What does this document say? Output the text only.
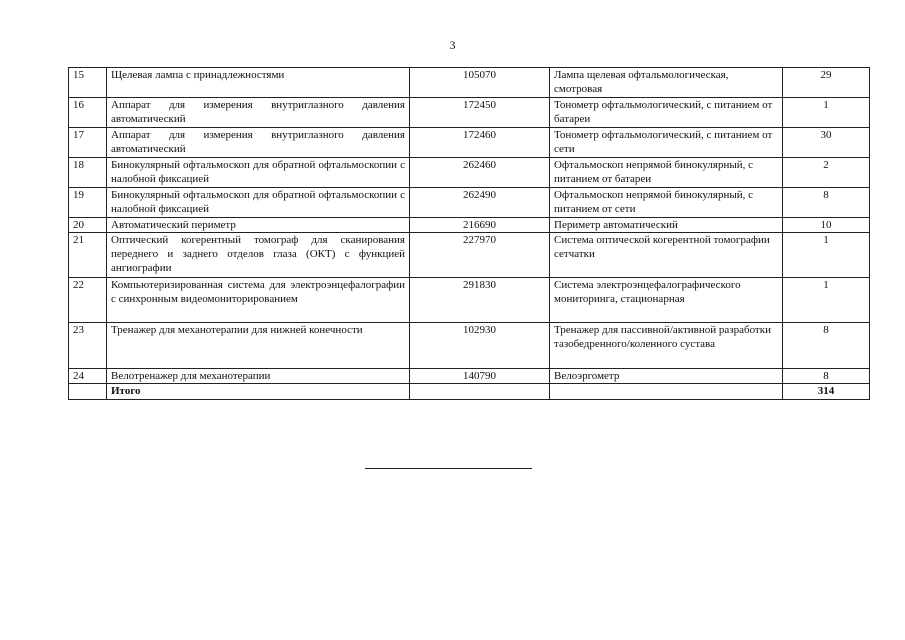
3
15	Щелевая лампа с принадлежностями	105070	Лампа щелевая офтальмологическая, смотровая	29
16	Аппарат для измерения внутриглазного давления автоматический	172450	Тонометр офтальмологический, с питанием от батареи	1
17	Аппарат для измерения внутриглазного давления автоматический	172460	Тонометр офтальмологический, с питанием от сети	30
18	Бинокулярный офтальмоскоп для обратной офтальмоскопии с налобной фиксацией	262460	Офтальмоскоп непрямой бинокулярный, с питанием от батареи	2
19	Бинокулярный офтальмоскоп для обратной офтальмоскопии с налобной фиксацией	262490	Офтальмоскоп непрямой бинокулярный, с питанием от сети	8
20	Автоматический периметр	216690	Периметр автоматический	10
21	Оптический когерентный томограф для сканирования переднего и заднего отделов глаза (ОКТ) с функцией ангиографии	227970	Система оптической когерентной томографии сетчатки	1
22	Компьютеризированная система для электроэнцефалографии с синхронным видеомониторированием	291830	Система электроэнцефалографического мониторинга, стационарная	1
23	Тренажер для механотерапии для нижней конечности	102930	Тренажер для пассивной/активной разработки тазобедренного/коленного сустава	8
24	Велотренажер для механотерапии	140790	Велоэргометр	8
	Итого			314
